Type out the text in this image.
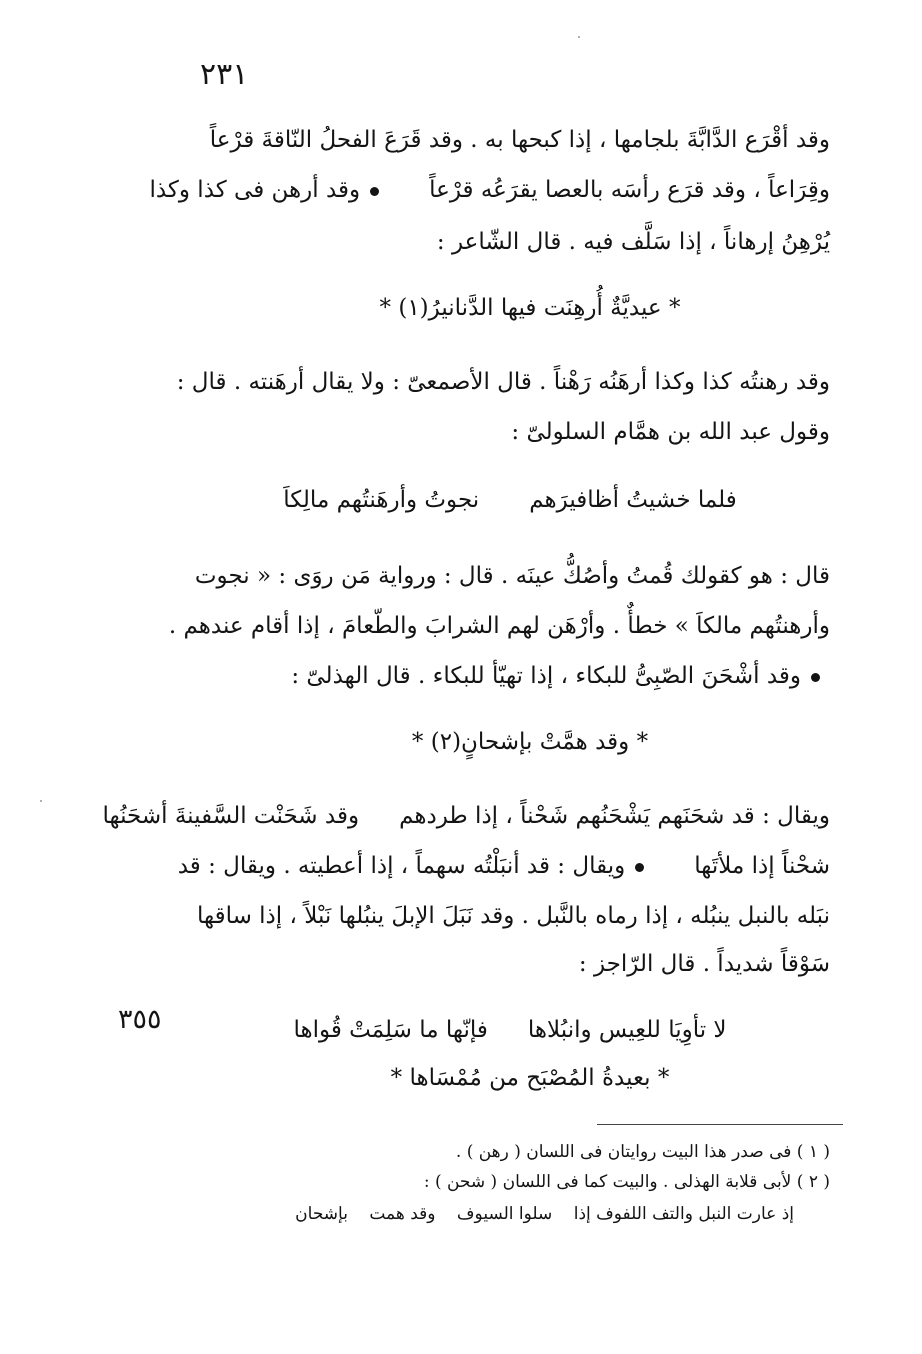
٢٣١
٣٥٥
وقد أقْرَع الدَّابَّةَ بلجامها ، إذا كبحها به . وقد قَرَعَ الفحلُ النّاقةَ قرْعاً
وقِرَاعاً ، وقد قرَع رأسَه بالعصا يقرَعُه قرْعاًوقد أرهن فى كذا وكذا
يُرْهِنُ إرهاناً ، إذا سَلَّف فيه . قال الشّاعر :
* عيديَّةٌ أُرهِنَت فيها الدَّنانيرُ(١) *
وقد رهنتُه كذا وكذا أرهَنُه رَهْناً . قال الأصمعىّ : ولا يقال أرهَنته . قال :
وقول عبد الله بن همَّام السلولىّ :
فلما خشيتُ أظافيرَهمنجوتُ وأرهَنتُهم مالِكاَ
قال : هو كقولك قُمتُ وأصُكُّ عينَه . قال : ورواية مَن روَى : « نجوت
وأرهنتُهم مالكاَ » خطأٌ . وأرْهَن لهم الشرابَ والطّعامَ ، إذا أقام عندهم .
وقد أشْحَنَ الصّبِىُّ للبكاء ، إذا تهيّأ للبكاء . قال الهذلىّ :
* وقد همَّتْ بإشحانٍ(٢) *
ويقال : قد شحَنَهم يَشْحَنُهم شَحْناً ، إذا طردهموقد شَحَنْت السَّفينةَ أشحَنُها
شحْناً إذا ملأتَهاويقال : قد أنبَلْتُه سهماً ، إذا أعطيته . ويقال : قد
نبَله بالنبل ينبُله ، إذا رماه بالنَّبل . وقد نَبَلَ الإبلَ ينبُلها نَبْلاً ، إذا ساقها
سَوْقاً شديداً . قال الرّاجز :
لا تأوِيَا للعِيس وانبُلاهافإنّها ما سَلِمَتْ قُواها
* بعيدةُ المُصْبَح من مُمْسَاها *
( ١ ) فى صدر هذا البيت روايتان فى اللسان ( رهن ) .
( ٢ ) لأبى قلابة الهذلى . والبيت كما فى اللسان ( شحن ) :
إذ عارت النبل والتف اللفوف إذا سلوا السيوف وقد همت بإشحان
